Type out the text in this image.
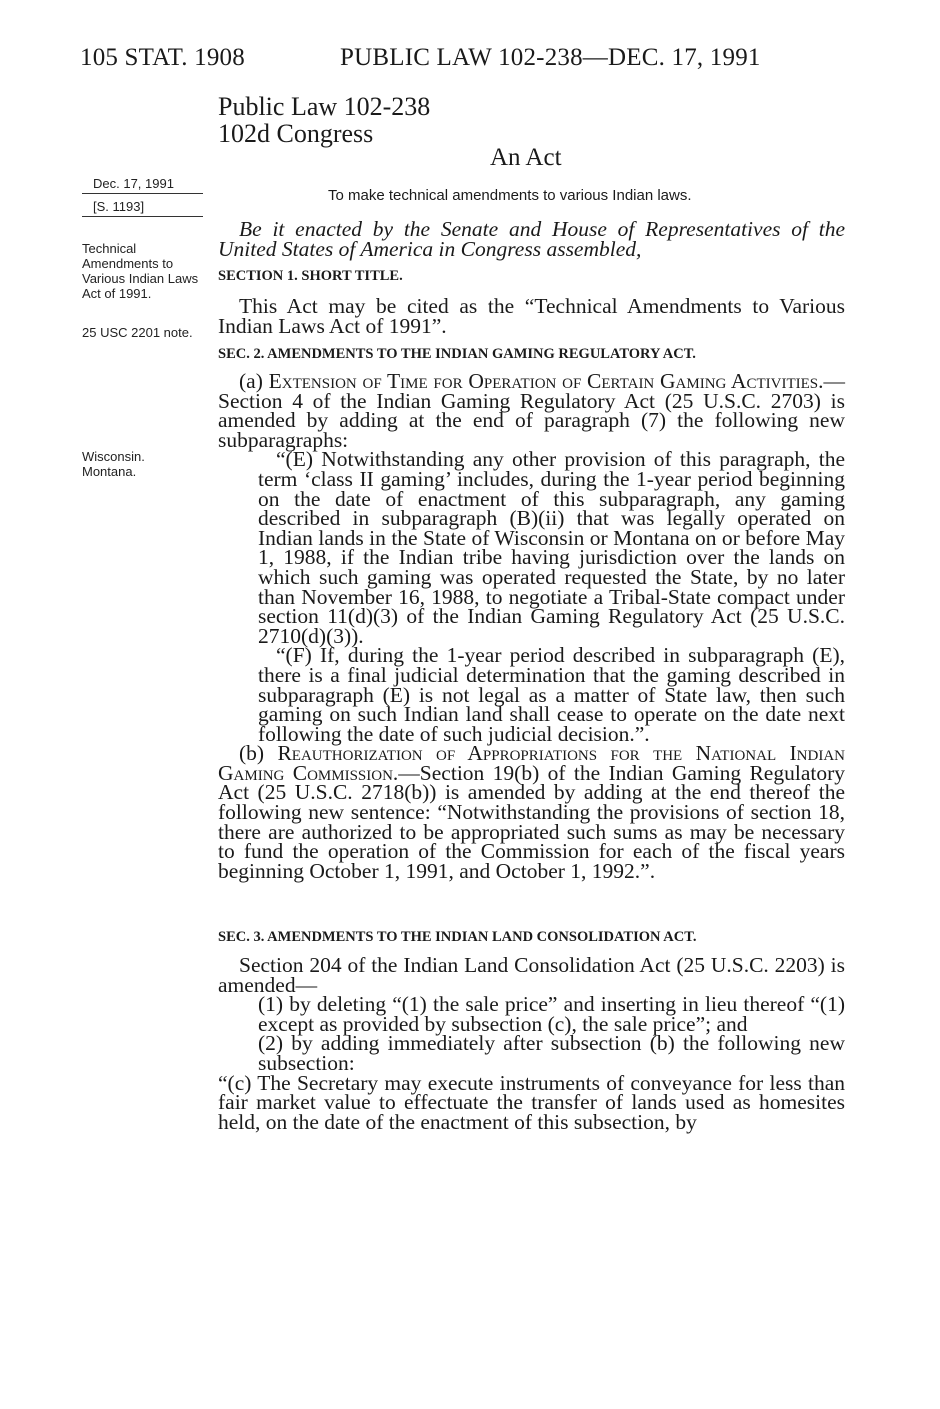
105 STAT. 1908	PUBLIC LAW 102-238—DEC. 17, 1991
Public Law 102-238
102d Congress
An Act
To make technical amendments to various Indian laws.
Dec. 17, 1991
[S. 1193]
Technical Amendments to Various Indian Laws Act of 1991.
25 USC 2201 note.
Wisconsin.
Montana.

Be it enacted by the Senate and House of Representatives of the United States of America in Congress assembled,

SECTION 1. SHORT TITLE.

This Act may be cited as the “Technical Amendments to Various Indian Laws Act of 1991”.

SEC. 2. AMENDMENTS TO THE INDIAN GAMING REGULATORY ACT.

(a) Extension of Time for Operation of Certain Gaming Activities.—Section 4 of the Indian Gaming Regulatory Act (25 U.S.C. 2703) is amended by adding at the end of paragraph (7) the following new subparagraphs:

“(E) Notwithstanding any other provision of this paragraph, the term ‘class II gaming’ includes, during the 1-year period beginning on the date of enactment of this subparagraph, any gaming described in subparagraph (B)(ii) that was legally operated on Indian lands in the State of Wisconsin or Montana on or before May 1, 1988, if the Indian tribe having jurisdiction over the lands on which such gaming was operated requested the State, by no later than November 16, 1988, to negotiate a Tribal-State compact under section 11(d)(3) of the Indian Gaming Regulatory Act (25 U.S.C. 2710(d)(3)).

“(F) If, during the 1-year period described in subparagraph (E), there is a final judicial determination that the gaming described in subparagraph (E) is not legal as a matter of State law, then such gaming on such Indian land shall cease to operate on the date next following the date of such judicial decision.”.

(b) Reauthorization of Appropriations for the National Indian Gaming Commission.—Section 19(b) of the Indian Gaming Regulatory Act (25 U.S.C. 2718(b)) is amended by adding at the end thereof the following new sentence: “Notwithstanding the provisions of section 18, there are authorized to be appropriated such sums as may be necessary to fund the operation of the Commission for each of the fiscal years beginning October 1, 1991, and October 1, 1992.”.

SEC. 3. AMENDMENTS TO THE INDIAN LAND CONSOLIDATION ACT.

Section 204 of the Indian Land Consolidation Act (25 U.S.C. 2203) is amended—

(1) by deleting “(1) the sale price” and inserting in lieu thereof “(1) except as provided by subsection (c), the sale price”; and

(2) by adding immediately after subsection (b) the following new subsection:

“(c) The Secretary may execute instruments of conveyance for less than fair market value to effectuate the transfer of lands used as homesites held, on the date of the enactment of this subsection, by
